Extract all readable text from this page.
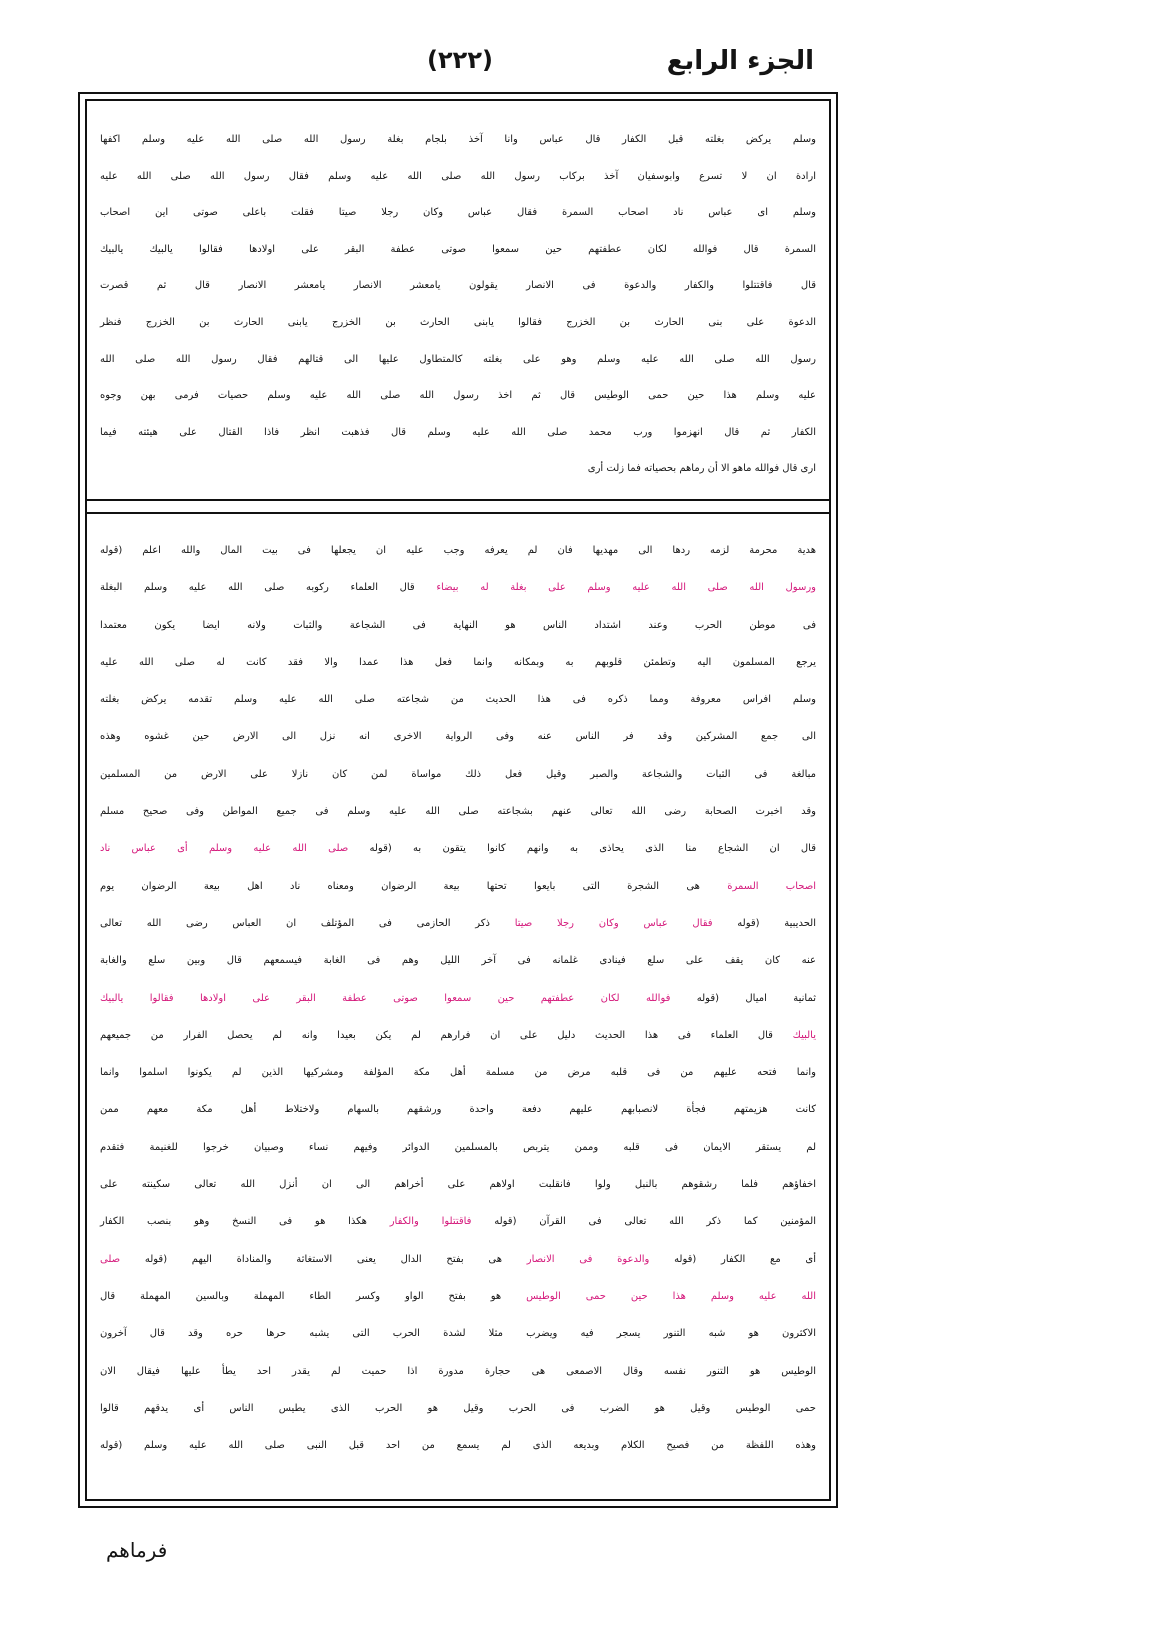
الجزء الرابع
(٢٢٢)
وسلم يركض بغلته قبل الكفار قال عباس وانا آخذ بلجام بغلة رسول الله صلى الله عليه وسلم اكفها
ارادة ان لا تسرع وابوسفيان آخذ بركاب رسول الله صلى الله عليه وسلم فقال رسول الله صلى الله عليه
وسلم اى عباس ناد اصحاب السمرة فقال عباس وكان رجلا صيتا فقلت باعلى صوتى اين اصحاب
السمرة قال فوالله لكان عطفتهم حين سمعوا صوتى عطفة البقر على اولادها فقالوا يالبيك يالبيك
قال فاقتتلوا والكفار والدعوة فى الانصار يقولون يامعشر الانصار يامعشر الانصار قال ثم قصرت
الدعوة على بنى الحارث بن الخزرج فقالوا يابنى الحارث بن الخزرج يابنى الحارث بن الخزرج فنظر
رسول الله صلى الله عليه وسلم وهو على بغلته كالمتطاول عليها الى قتالهم فقال رسول الله صلى الله
عليه وسلم هذا حين حمى الوطيس قال ثم اخذ رسول الله صلى الله عليه وسلم حصيات فرمى بهن وجوه
الكفار ثم قال انهزموا ورب محمد صلى الله عليه وسلم قال فذهبت انظر فاذا القتال على هيئته فيما
ارى قال فوالله ماهو الا أن رماهم بحصياته فما زلت أرى
هدية محرمة لزمه ردها الى مهديها فان لم يعرفه وجب عليه ان يجعلها فى بيت المال والله اعلم (قوله
ورسول الله صلى الله عليه وسلم على بغلة له بيضاء قال العلماء ركوبه صلى الله عليه وسلم البغلة
فى موطن الحرب وعند اشتداد الناس هو النهاية فى الشجاعة والثبات ولانه ايضا يكون معتمدا
يرجع المسلمون اليه وتطمئن قلوبهم به وبمكانه وانما فعل هذا عمدا والا فقد كانت له صلى الله عليه
وسلم افراس معروفة ومما ذكره فى هذا الحديث من شجاعته صلى الله عليه وسلم تقدمه يركض بغلته
الى جمع المشركين وقد فر الناس عنه وفى الرواية الاخرى انه نزل الى الارض حين غشوه وهذه
مبالغة فى الثبات والشجاعة والصبر وقيل فعل ذلك مواساة لمن كان نازلا على الارض من المسلمين
وقد اخبرت الصحابة رضى الله تعالى عنهم بشجاعته صلى الله عليه وسلم فى جميع المواطن وفى صحيح مسلم
قال ان الشجاع منا الذى يحاذى به وانهم كانوا يتقون به (قوله صلى الله عليه وسلم أى عباس ناد
اصحاب السمرة هى الشجرة التى بايعوا تحتها بيعة الرضوان ومعناه ناد اهل بيعة الرضوان يوم
الحديبية (قوله فقال عباس وكان رجلا صيتا ذكر الحازمى فى المؤتلف ان العباس رضى الله تعالى
عنه كان يقف على سلع فينادى غلمانه فى آخر الليل وهم فى الغابة فيسمعهم قال وبين سلع والغابة
ثمانية اميال (قوله فوالله لكان عطفتهم حين سمعوا صوتى عطفة البقر على اولادها فقالوا يالبيك
يالبيك قال العلماء فى هذا الحديث دليل على ان فرارهم لم يكن بعيدا وانه لم يحصل الفرار من جميعهم
وانما فتحه عليهم من فى قلبه مرض من مسلمة أهل مكة المؤلفة ومشركيها الذين لم يكونوا اسلموا وانما
كانت هزيمتهم فجأة لانصبابهم عليهم دفعة واحدة ورشقهم بالسهام ولاختلاط أهل مكة معهم ممن
لم يستقر الايمان فى قلبه وممن يتربص بالمسلمين الدوائر وفيهم نساء وصبيان خرجوا للغنيمة فتقدم
اخفاؤهم فلما رشقوهم بالنبل ولوا فانقلبت اولاهم على أخراهم الى ان أنزل الله تعالى سكينته على
المؤمنين كما ذكر الله تعالى فى القرآن (قوله فاقتتلوا والكفار هكذا هو فى النسخ وهو بنصب الكفار
أى مع الكفار (قوله والدعوة فى الانصار هى بفتح الدال يعنى الاستغاثة والمناداة اليهم (قوله صلى
الله عليه وسلم هذا حين حمى الوطيس هو بفتح الواو وكسر الطاء المهملة وبالسين المهملة قال
الاكثرون هو شبه التنور يسجر فيه ويضرب مثلا لشدة الحرب التى يشبه حرها حره وقد قال آخرون
الوطيس هو التنور نفسه وقال الاصمعى هى حجارة مدورة اذا حميت لم يقدر احد يطأ عليها فيقال الان
حمى الوطيس وقيل هو الضرب فى الحرب وقيل هو الحرب الذى يطيس الناس أى يدقهم قالوا
وهذه اللفظة من فصيح الكلام وبديعه الذى لم يسمع من احد قبل النبى صلى الله عليه وسلم (قوله
فرماهم
